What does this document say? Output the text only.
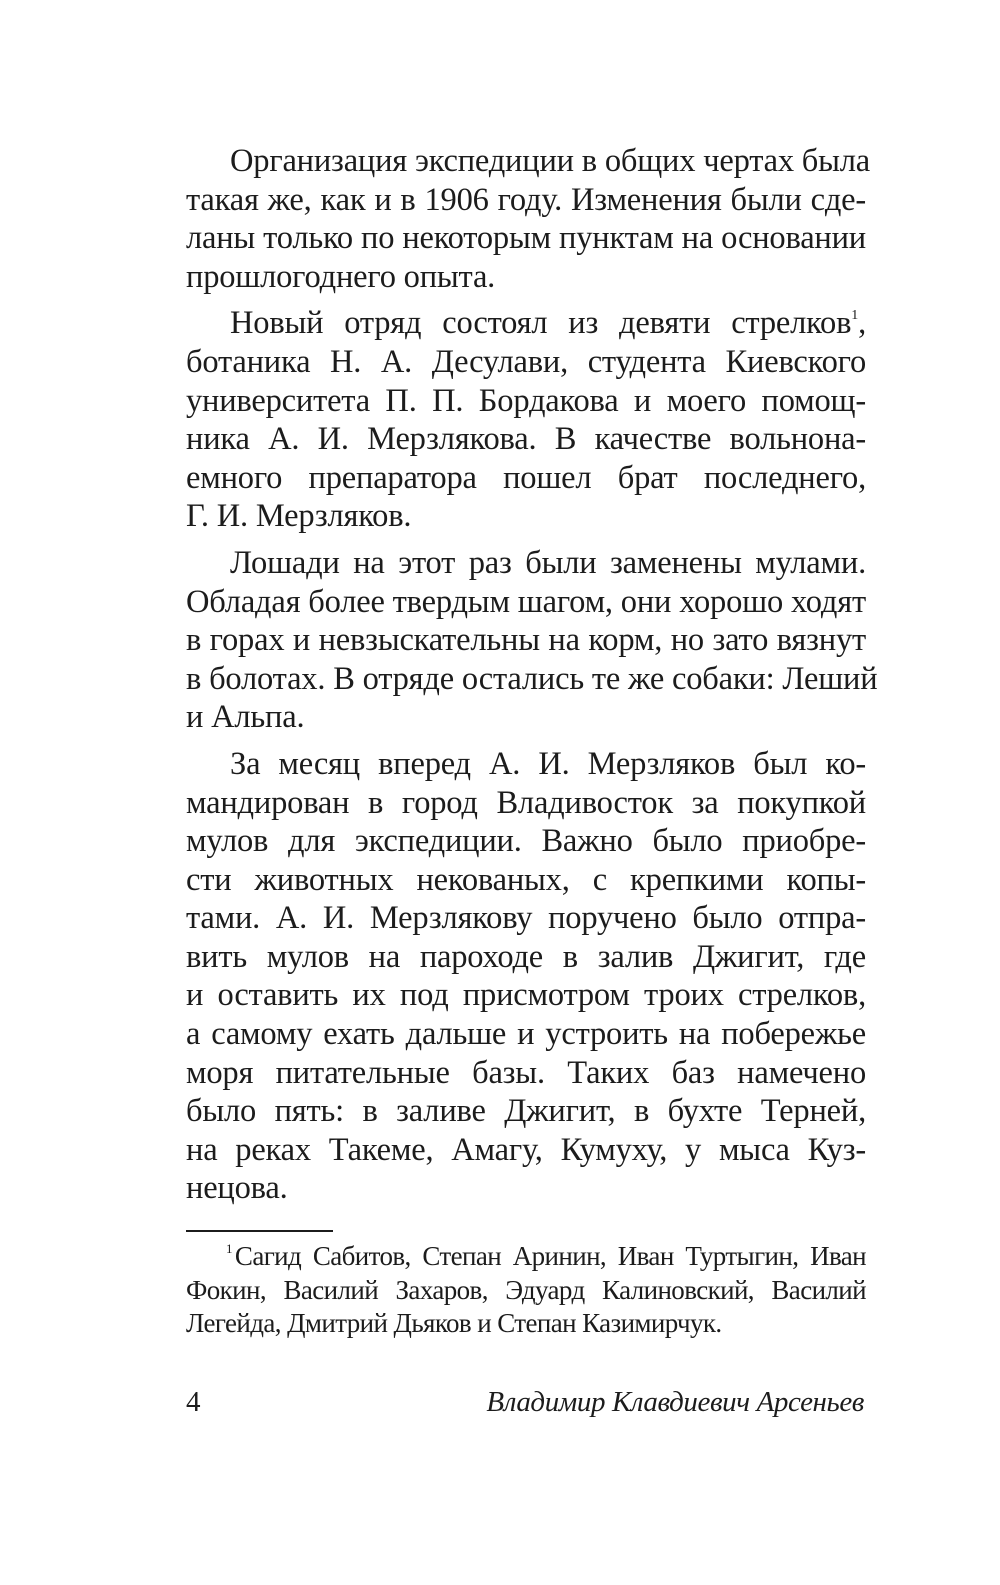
Организация экспедиции в общих чертах была
такая же, как и в 1906 году. Изменения были сде-
ланы только по некоторым пунктам на основании
прошлогоднего опыта.
Новый отряд состоял из девяти стрелков$^1$,
ботаника Н. А. Десулави, студента Киевского
университета П. П. Бордакова и моего помощ-
ника А. И. Мерзлякова. В качестве вольнона-
емного препаратора пошел брат последнего,
Г. И. Мерзляков.
Лошади на этот раз были заменены мулами.
Обладая более твердым шагом, они хорошо ходят
в горах и невзыскательны на корм, но зато вязнут
в болотах. В отряде остались те же собаки: Леший
и Альпа.
За месяц вперед А. И. Мерзляков был ко-
мандирован в город Владивосток за покупкой
мулов для экспедиции. Важно было приобре-
сти животных некованых, с крепкими копы-
тами. А. И. Мерзлякову поручено было отпра-
вить мулов на пароходе в залив Джигит, где
и оставить их под присмотром троих стрелков,
а самому ехать дальше и устроить на побережье
моря питательные базы. Таких баз намечено
было пять: в заливе Джигит, в бухте Терней,
на реках Такеме, Амагу, Кумуху, у мыса Куз-
нецова.
$^1$ Сагид Сабитов, Степан Аринин, Иван Туртыгин, Иван
Фокин, Василий Захаров, Эдуард Калиновский, Василий
Легейда, Дмитрий Дьяков и Степан Казимирчук.
4	Владимир Клавдиевич Арсеньев
